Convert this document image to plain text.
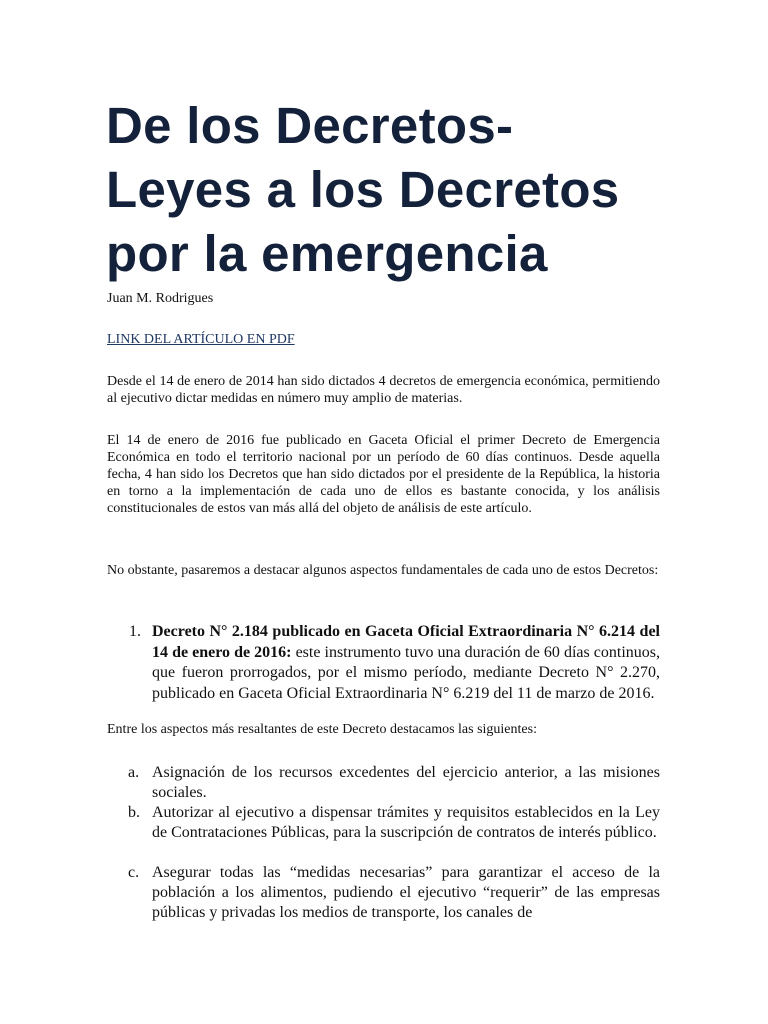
De los Decretos-
Leyes a los Decretos
por la emergencia

Juan M. Rodrigues

LINK DEL ARTÍCULO EN PDF

Desde el 14 de enero de 2014 han sido dictados 4 decretos de emergencia económica, permitiendo al ejecutivo dictar medidas en número muy amplio de materias.

El 14 de enero de 2016 fue publicado en Gaceta Oficial el primer Decreto de Emergencia Económica en todo el territorio nacional por un período de 60 días continuos. Desde aquella fecha, 4 han sido los Decretos que han sido dictados por el presidente de la República, la historia en torno a la implementación de cada uno de ellos es bastante conocida, y los análisis constitucionales de estos van más allá del objeto de análisis de este artículo.

No obstante, pasaremos a destacar algunos aspectos fundamentales de cada uno de estos Decretos:

1. Decreto N° 2.184 publicado en Gaceta Oficial Extraordinaria N° 6.214 del 14 de enero de 2016: este instrumento tuvo una duración de 60 días continuos, que fueron prorrogados, por el mismo período, mediante Decreto N° 2.270, publicado en Gaceta Oficial Extraordinaria N° 6.219 del 11 de marzo de 2016.

Entre los aspectos más resaltantes de este Decreto destacamos las siguientes:

a. Asignación de los recursos excedentes del ejercicio anterior, a las misiones sociales.
b. Autorizar al ejecutivo a dispensar trámites y requisitos establecidos en la Ley de Contrataciones Públicas, para la suscripción de contratos de interés público.
c. Asegurar todas las “medidas necesarias” para garantizar el acceso de la población a los alimentos, pudiendo el ejecutivo “requerir” de las empresas públicas y privadas los medios de transporte, los canales de
